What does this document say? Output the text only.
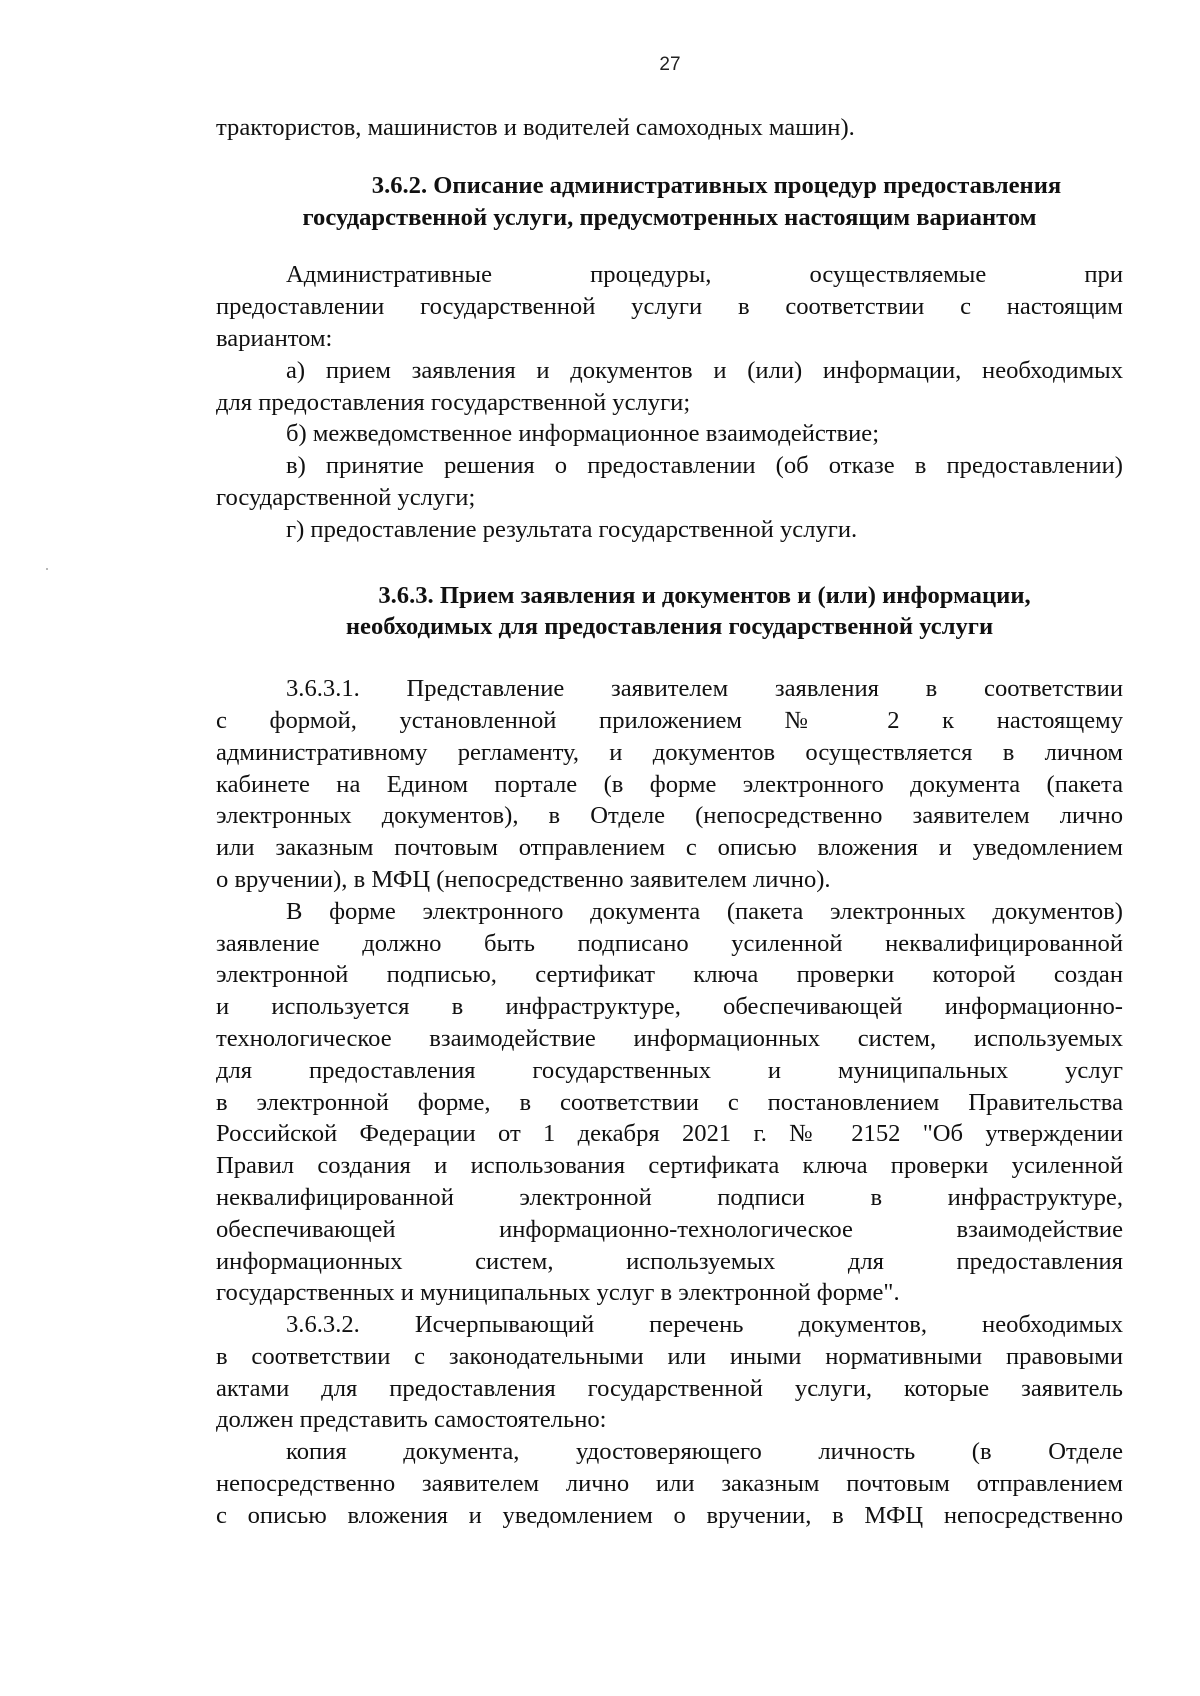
27
трактористов, машинистов и водителей самоходных машин).
3.6.2. Описание административных процедур предоставления
государственной услуги, предусмотренных настоящим вариантом
Административные процедуры, осуществляемые при
предоставлении государственной услуги в соответствии с настоящим
вариантом:
а) прием заявления и документов и (или) информации, необходимых
для предоставления государственной услуги;
б) межведомственное информационное взаимодействие;
в) принятие решения о предоставлении (об отказе в предоставлении)
государственной услуги;
г) предоставление результата государственной услуги.
3.6.3. Прием заявления и документов и (или) информации,
необходимых для предоставления государственной услуги
3.6.3.1. Представление заявителем заявления в соответствии
с формой, установленной приложением № 2 к настоящему
административному регламенту, и документов осуществляется в личном
кабинете на Едином портале (в форме электронного документа (пакета
электронных документов), в Отделе (непосредственно заявителем лично
или заказным почтовым отправлением с описью вложения и уведомлением
о вручении), в МФЦ (непосредственно заявителем лично).
В форме электронного документа (пакета электронных документов)
заявление должно быть подписано усиленной неквалифицированной
электронной подписью, сертификат ключа проверки которой создан
и используется в инфраструктуре, обеспечивающей информационно-
технологическое взаимодействие информационных систем, используемых
для предоставления государственных и муниципальных услуг
в электронной форме, в соответствии с постановлением Правительства
Российской Федерации от 1 декабря 2021 г. № 2152 "Об утверждении
Правил создания и использования сертификата ключа проверки усиленной
неквалифицированной электронной подписи в инфраструктуре,
обеспечивающей информационно-технологическое взаимодействие
информационных систем, используемых для предоставления
государственных и муниципальных услуг в электронной форме".
3.6.3.2. Исчерпывающий перечень документов, необходимых
в соответствии с законодательными или иными нормативными правовыми
актами для предоставления государственной услуги, которые заявитель
должен представить самостоятельно:
копия документа, удостоверяющего личность (в Отделе
непосредственно заявителем лично или заказным почтовым отправлением
с описью вложения и уведомлением о вручении, в МФЦ непосредственно
